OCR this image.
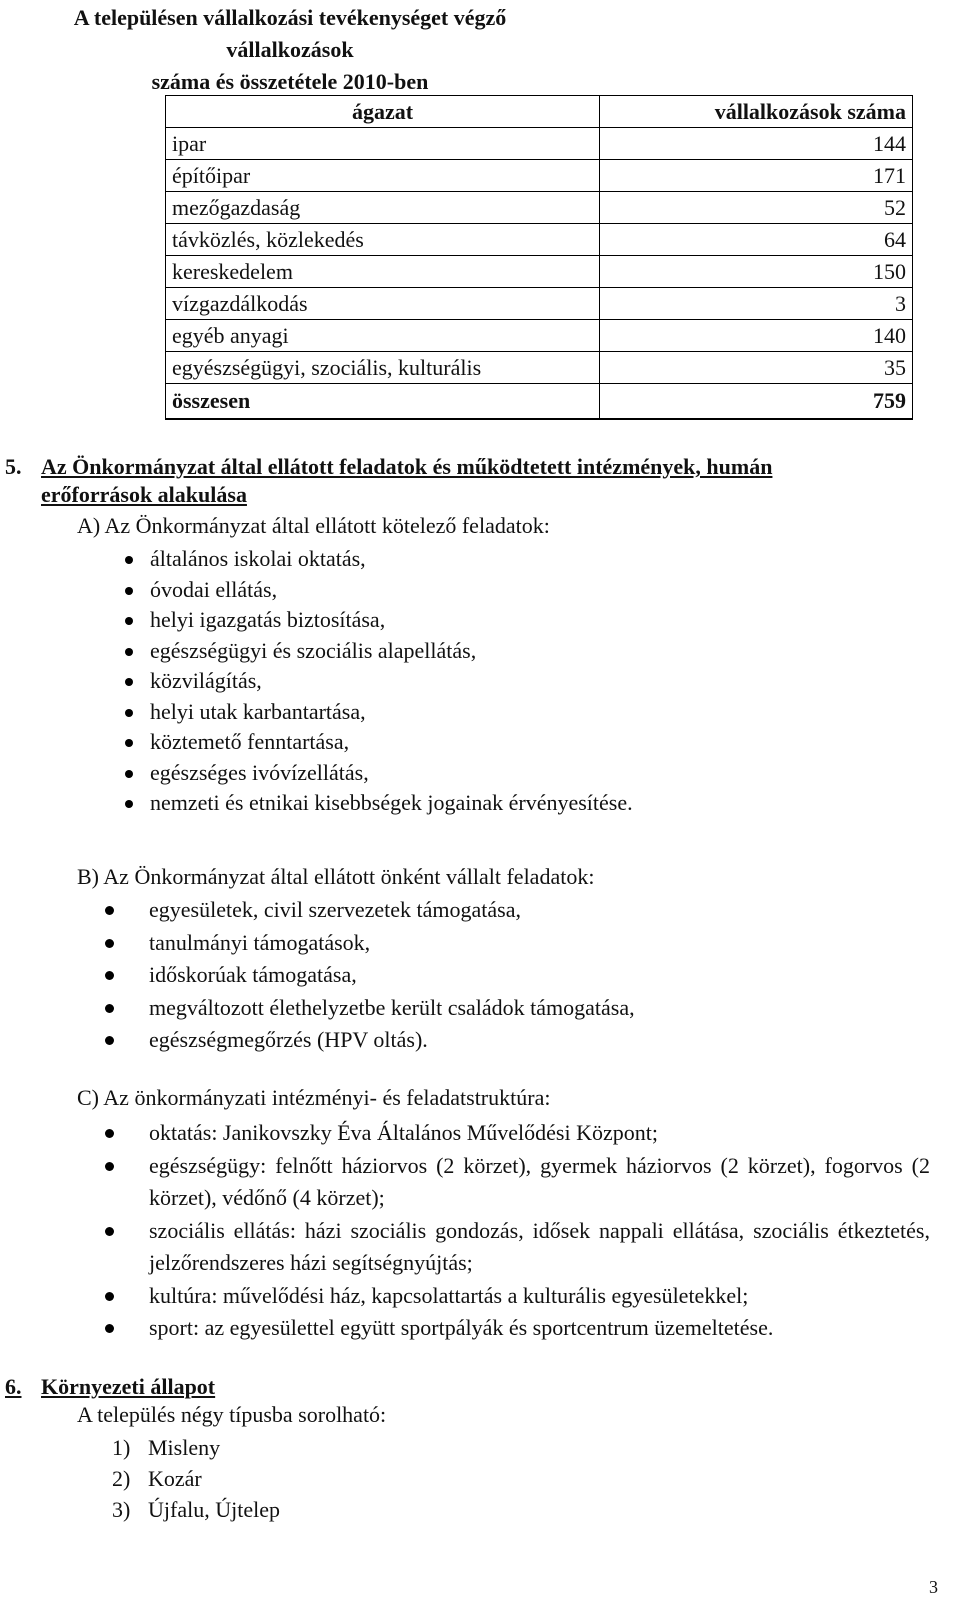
A településen vállalkozási tevékenységet végző vállalkozások
száma és összetétele 2010-ben
ágazat	vállalkozások száma
ipar	144
építőipar	171
mezőgazdaság	52
távközlés, közlekedés	64
kereskedelem	150
vízgazdálkodás	3
egyéb anyagi	140
egyészségügyi, szociális, kulturális	35
összesen	759
5. Az Önkormányzat által ellátott feladatok és működtetett intézmények, humán
erőforrások alakulása
A) Az Önkormányzat által ellátott kötelező feladatok:
általános iskolai oktatás,
óvodai ellátás,
helyi igazgatás biztosítása,
egészségügyi és szociális alapellátás,
közvilágítás,
helyi utak karbantartása,
köztemető fenntartása,
egészséges ivóvízellátás,
nemzeti és etnikai kisebbségek jogainak érvényesítése.
B) Az Önkormányzat által ellátott önként vállalt feladatok:
egyesületek, civil szervezetek támogatása,
tanulmányi támogatások,
időskorúak támogatása,
megváltozott élethelyzetbe került családok támogatása,
egészségmegőrzés (HPV oltás).
C) Az önkormányzati intézményi- és feladatstruktúra:
oktatás: Janikovszky Éva Általános Művelődési Központ;
egészségügy: felnőtt háziorvos (2 körzet), gyermek háziorvos (2 körzet), fogorvos (2 körzet), védőnő (4 körzet);
szociális ellátás: házi szociális gondozás, idősek nappali ellátása, szociális étkeztetés, jelzőrendszeres házi segítségnyújtás;
kultúra: művelődési ház, kapcsolattartás a kulturális egyesületekkel;
sport: az egyesülettel együtt sportpályák és sportcentrum üzemeltetése.
6. Környezeti állapot
A település négy típusba sorolható:
1) Misleny
2) Kozár
3) Újfalu, Újtelep
3
